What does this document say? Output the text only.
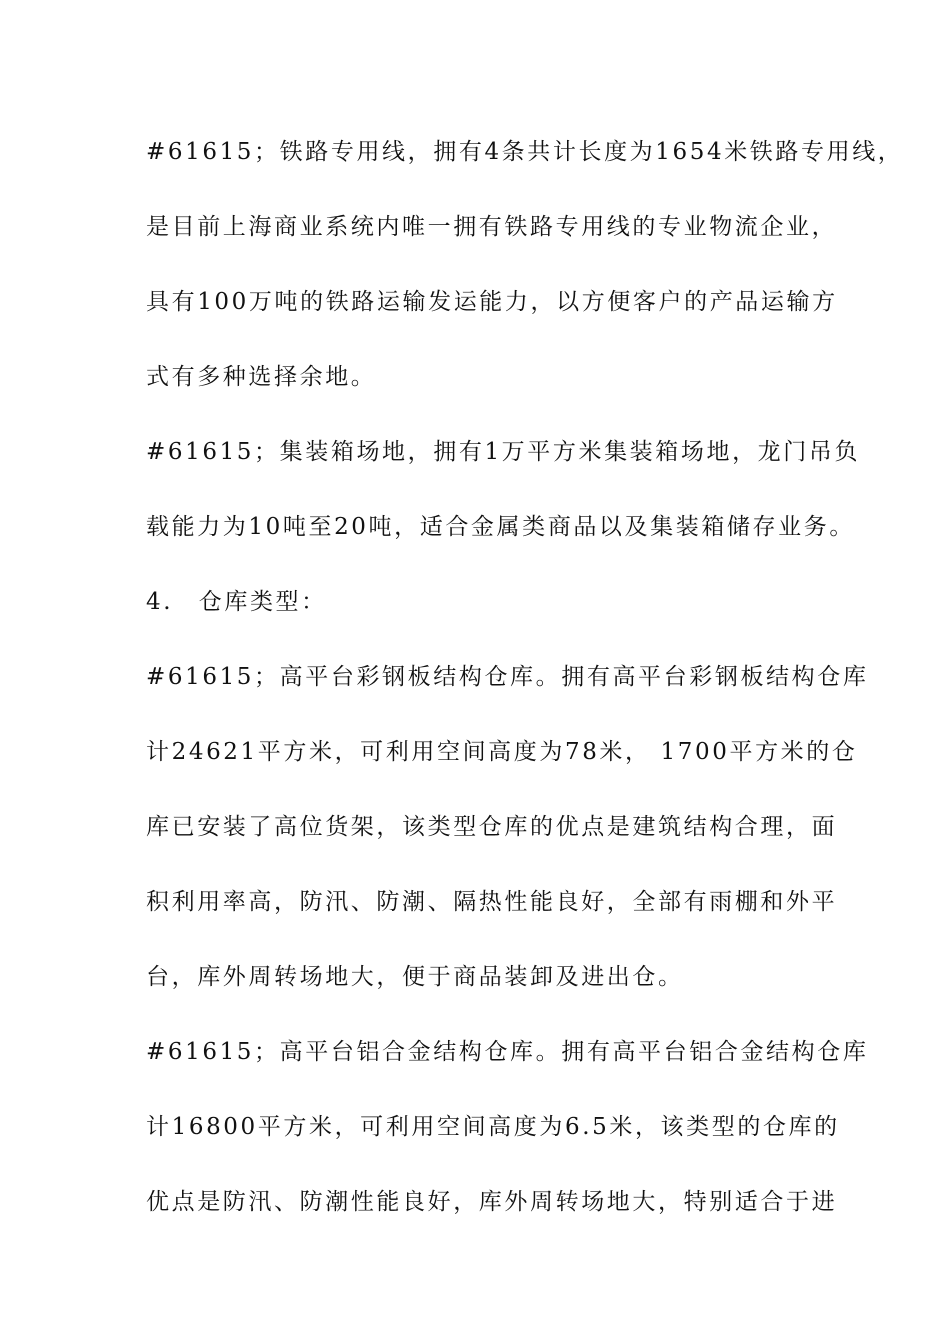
#61615；铁路专用线，拥有4条共计长度为1654米铁路专用线，
是目前上海商业系统内唯一拥有铁路专用线的专业物流企业，
具有100万吨的铁路运输发运能力，以方便客户的产品运输方
式有多种选择余地。
#61615；集装箱场地，拥有1万平方米集装箱场地，龙门吊负
载能力为10吨至20吨，适合金属类商品以及集装箱储存业务。
4.　仓库类型：
#61615；高平台彩钢板结构仓库。拥有高平台彩钢板结构仓库
计24621平方米，可利用空间高度为78米， 1700平方米的仓
库已安装了高位货架，该类型仓库的优点是建筑结构合理，面
积利用率高，防汛、防潮、隔热性能良好，全部有雨棚和外平
台，库外周转场地大，便于商品装卸及进出仓。
#61615；高平台铝合金结构仓库。拥有高平台铝合金结构仓库
计16800平方米，可利用空间高度为6.5米，该类型的仓库的
优点是防汛、防潮性能良好，库外周转场地大，特别适合于进
